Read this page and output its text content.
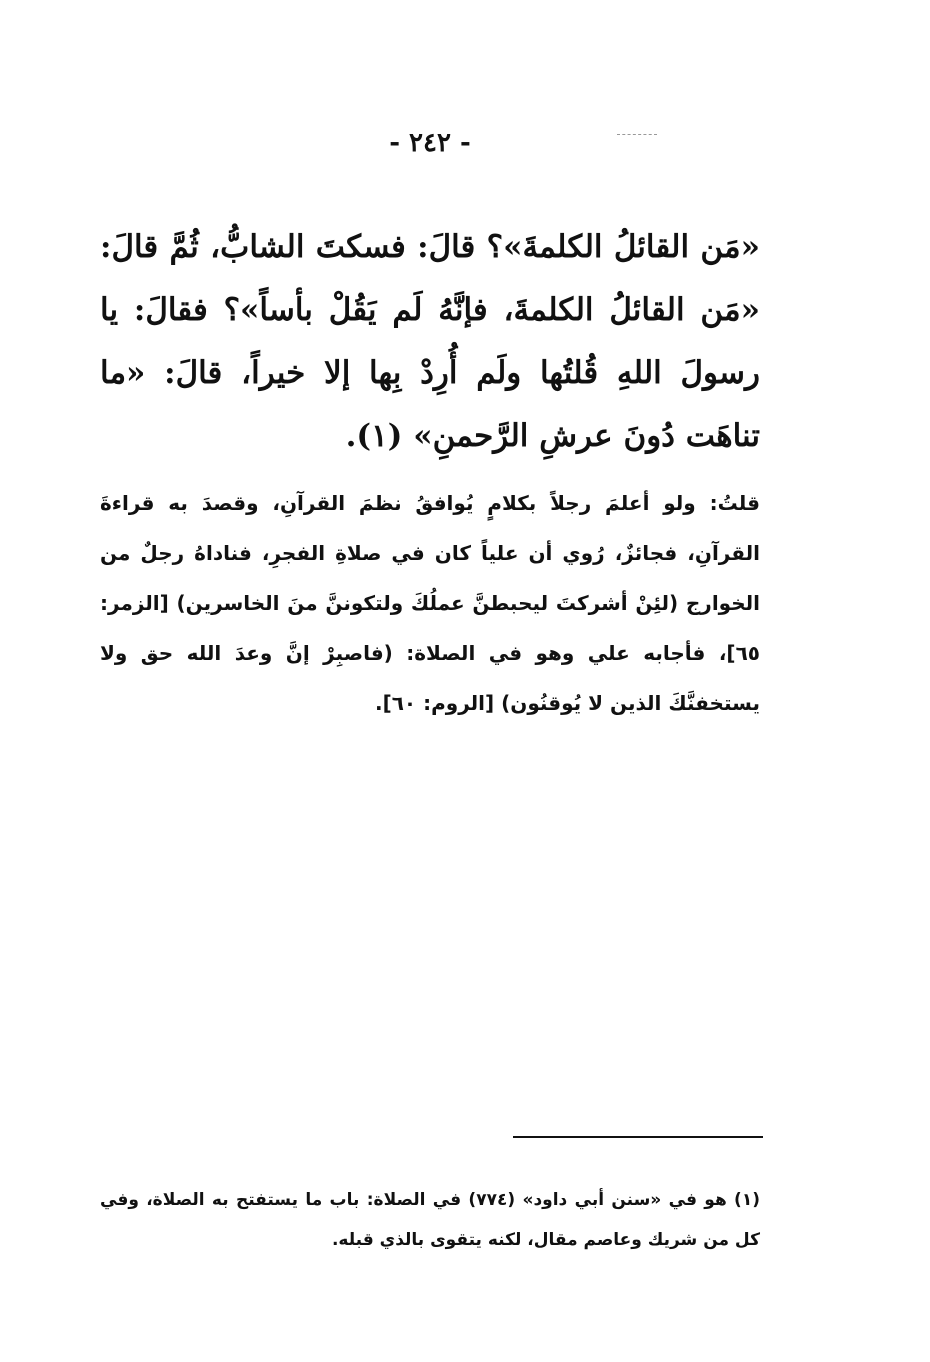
- ٢٤٢ -

«مَن القائلُ الكلمةَ»؟ قالَ: فسكتَ الشابُّ، ثُمَّ قالَ: «مَن القائلُ الكلمةَ، فإنَّهُ لَم يَقُلْ بأساً»؟ فقالَ: يا رسولَ اللهِ قُلتُها ولَم أُرِدْ بِها إلا خيراً، قالَ: «ما تناهَت دُونَ عرشِ الرَّحمنِ» (١).

قلتُ: ولو أعلمَ رجلاً بكلامٍ يُوافقُ نظمَ القرآنِ، وقصدَ به قراءةَ القرآنِ، فجائزٌ، رُوي أن علياً كان في صلاةِ الفجرِ، فناداهُ رجلٌ من الخوارج (لئِنْ أشركتَ ليحبطنَّ عملُكَ ولتكوننَّ منَ الخاسرين) [الزمر: ٦٥]، فأجابه علي وهو في الصلاة: (فاصبِرْ إنَّ وعدَ الله حق ولا يستخفنَّكَ الذين لا يُوقنُون) [الروم: ٦٠].

(١) هو في «سنن أبي داود» (٧٧٤) في الصلاة: باب ما يستفتح به الصلاة، وفي كل من شريك وعاصم مقال، لكنه يتقوى بالذي قبله.
